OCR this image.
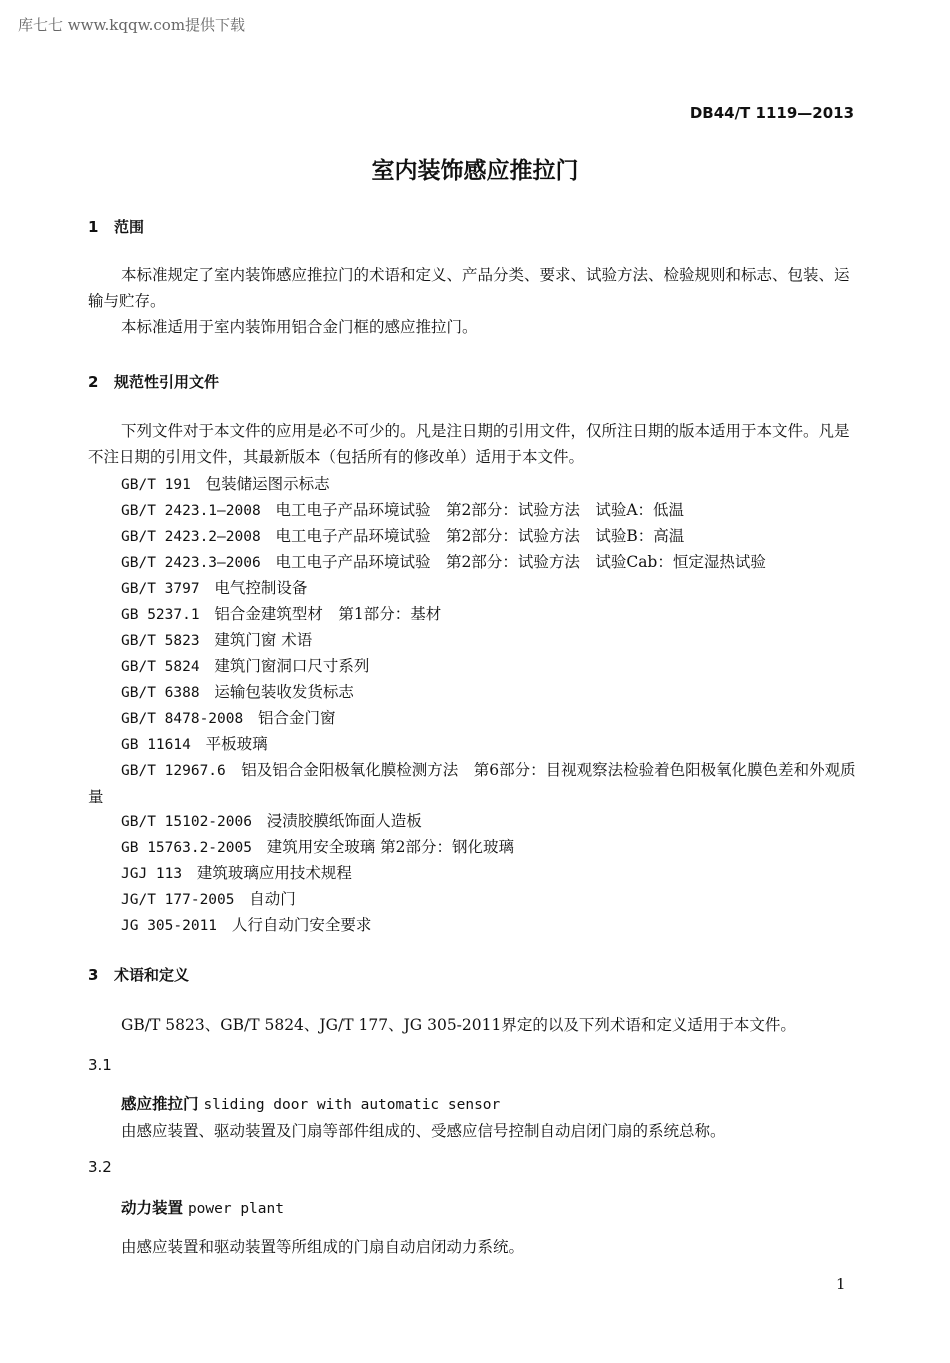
库七七 www.kqqw.com提供下载
DB44/T 1119—2013
室内装饰感应推拉门
1 范围
本标准规定了室内装饰感应推拉门的术语和定义、产品分类、要求、试验方法、检验规则和标志、包装、运输与贮存。
本标准适用于室内装饰用铝合金门框的感应推拉门。
2 规范性引用文件
下列文件对于本文件的应用是必不可少的。凡是注日期的引用文件，仅所注日期的版本适用于本文件。凡是不注日期的引用文件，其最新版本（包括所有的修改单）适用于本文件。
GB/T 191 包装储运图示标志
GB/T 2423.1—2008 电工电子产品环境试验　第2部分：试验方法　试验A：低温
GB/T 2423.2—2008 电工电子产品环境试验　第2部分：试验方法　试验B：高温
GB/T 2423.3—2006 电工电子产品环境试验　第2部分：试验方法　试验Cab：恒定湿热试验
GB/T 3797 电气控制设备
GB 5237.1 铝合金建筑型材　第1部分：基材
GB/T 5823 建筑门窗 术语
GB/T 5824 建筑门窗洞口尺寸系列
GB/T 6388 运输包装收发货标志
GB/T 8478-2008 铝合金门窗
GB 11614 平板玻璃
GB/T 12967.6　 铝及铝合金阳极氧化膜检测方法　第6部分：目视观察法检验着色阳极氧化膜色差和外观质量
GB/T 15102-2006 浸渍胶膜纸饰面人造板
GB 15763.2-2005 建筑用安全玻璃 第2部分：钢化玻璃
JGJ 113 建筑玻璃应用技术规程
JG/T 177-2005 自动门
JG 305-2011 人行自动门安全要求
3 术语和定义
GB/T 5823、GB/T 5824、JG/T 177、JG 305-2011界定的以及下列术语和定义适用于本文件。
3.1
感应推拉门 sliding door with automatic sensor
由感应装置、驱动装置及门扇等部件组成的、受感应信号控制自动启闭门扇的系统总称。
3.2
动力装置 power plant
由感应装置和驱动装置等所组成的门扇自动启闭动力系统。
1
